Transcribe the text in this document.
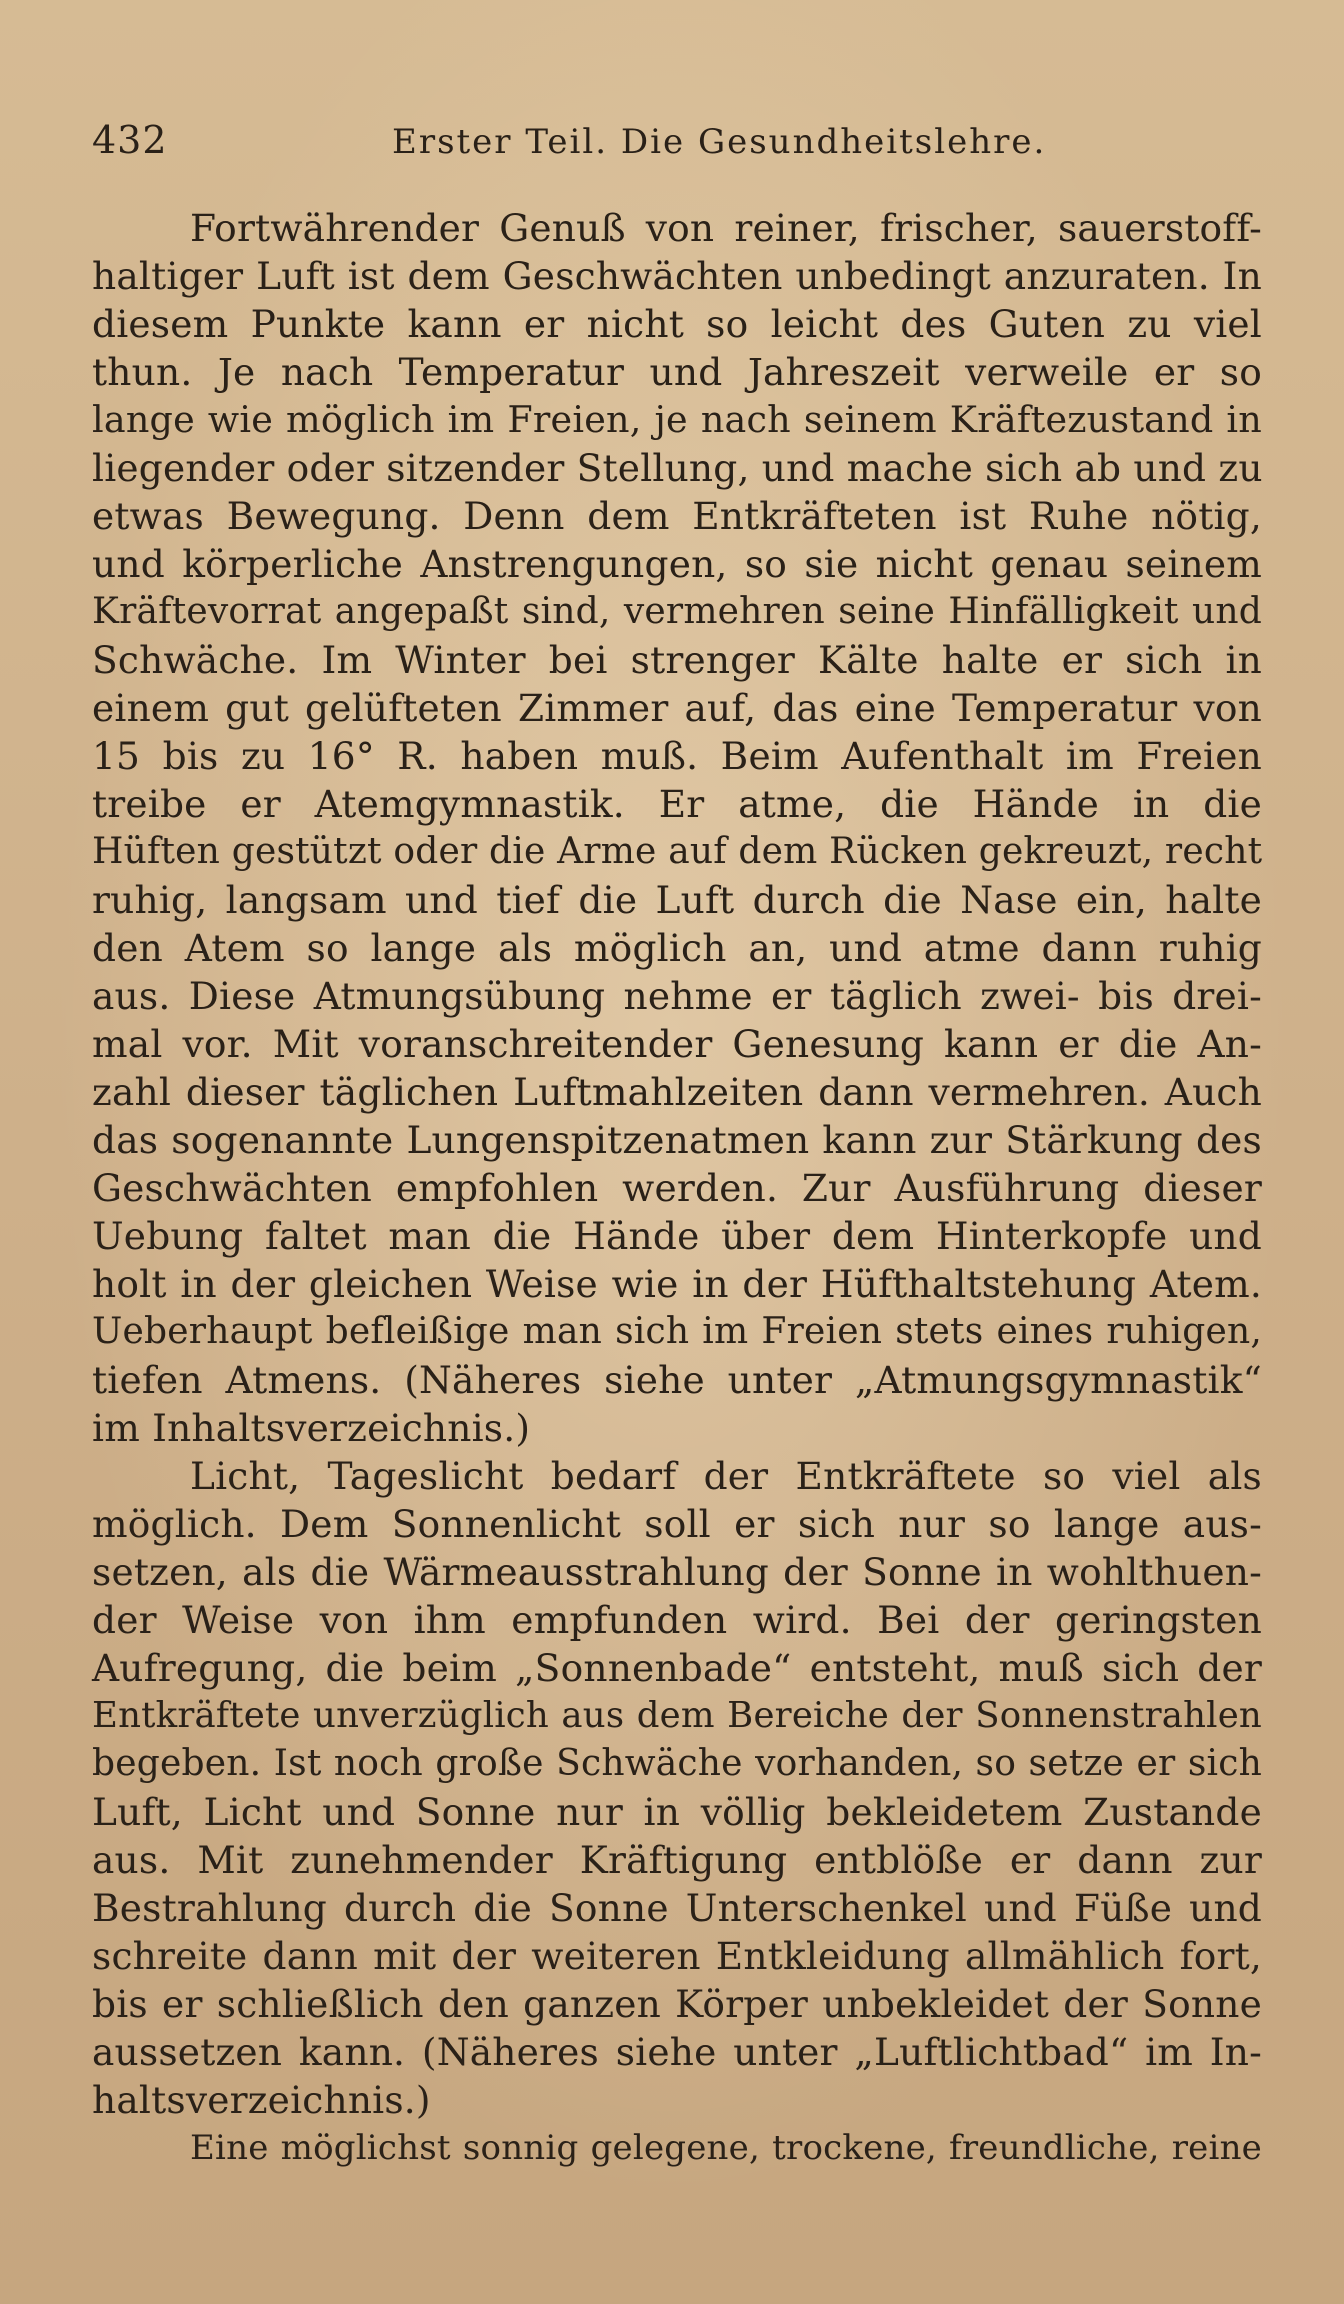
432	Erster Teil. Die Gesundheitslehre.
Fortwährender Genuß von reiner, frischer, sauerstoff-
haltiger Luft ist dem Geschwächten unbedingt anzuraten. In
diesem Punkte kann er nicht so leicht des Guten zu viel
thun. Je nach Temperatur und Jahreszeit verweile er so
lange wie möglich im Freien, je nach seinem Kräftezustand in
liegender oder sitzender Stellung, und mache sich ab und zu
etwas Bewegung. Denn dem Entkräfteten ist Ruhe nötig,
und körperliche Anstrengungen, so sie nicht genau seinem
Kräftevorrat angepaßt sind, vermehren seine Hinfälligkeit und
Schwäche. Im Winter bei strenger Kälte halte er sich in
einem gut gelüfteten Zimmer auf, das eine Temperatur von
15 bis zu 16° R. haben muß. Beim Aufenthalt im Freien
treibe er Atemgymnastik. Er atme, die Hände in die
Hüften gestützt oder die Arme auf dem Rücken gekreuzt, recht
ruhig, langsam und tief die Luft durch die Nase ein, halte
den Atem so lange als möglich an, und atme dann ruhig
aus. Diese Atmungsübung nehme er täglich zwei- bis drei-
mal vor. Mit voranschreitender Genesung kann er die An-
zahl dieser täglichen Luftmahlzeiten dann vermehren. Auch
das sogenannte Lungenspitzenatmen kann zur Stärkung des
Geschwächten empfohlen werden. Zur Ausführung dieser
Uebung faltet man die Hände über dem Hinterkopfe und
holt in der gleichen Weise wie in der Hüfthaltstehung Atem.
Ueberhaupt befleißige man sich im Freien stets eines ruhigen,
tiefen Atmens. (Näheres siehe unter „Atmungsgymnastik“
im Inhaltsverzeichnis.)
Licht, Tageslicht bedarf der Entkräftete so viel als
möglich. Dem Sonnenlicht soll er sich nur so lange aus-
setzen, als die Wärmeausstrahlung der Sonne in wohlthuen-
der Weise von ihm empfunden wird. Bei der geringsten
Aufregung, die beim „Sonnenbade“ entsteht, muß sich der
Entkräftete unverzüglich aus dem Bereiche der Sonnenstrahlen
begeben. Ist noch große Schwäche vorhanden, so setze er sich
Luft, Licht und Sonne nur in völlig bekleidetem Zustande
aus. Mit zunehmender Kräftigung entblöße er dann zur
Bestrahlung durch die Sonne Unterschenkel und Füße und
schreite dann mit der weiteren Entkleidung allmählich fort,
bis er schließlich den ganzen Körper unbekleidet der Sonne
aussetzen kann. (Näheres siehe unter „Luftlichtbad“ im In-
haltsverzeichnis.)
Eine möglichst sonnig gelegene, trockene, freundliche, reine
